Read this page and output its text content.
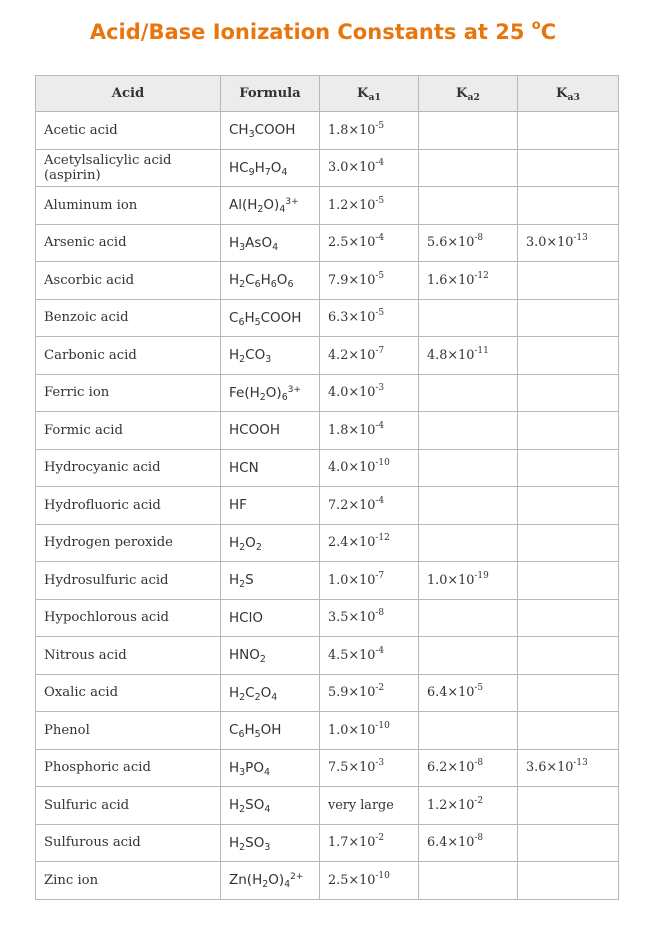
Acid/Base Ionization Constants at 25 $^o$C
Acid	Formula	$K_{a1}$	$K_{a2}$	$K_{a3}$
Acetic acid	$CH_3COOH$	$1.8\times 10^{-5}$		
Acetylsalicylic acid (aspirin)	$HC_9H_7O_4$	$3.0\times 10^{-4}$		
Aluminum ion	$Al(H_2O)_43+$	$1.2\times 10^{-5}$		
Arsenic acid	$H_3AsO_4$	$2.5\times 10^{-4}$	$5.6\times 10^{-8}$	$3.0\times 10^{-13}$
Ascorbic acid	$H_2C_6H_6O_6$	$7.9\times 10^{-5}$	$1.6\times 10^{-12}$	
Benzoic acid	$C_6H_5COOH$	$6.3\times 10^{-5}$		
Carbonic acid	$H_2CO_3$	$4.2\times 10^{-7}$	$4.8\times 10^{-11}$	
Ferric ion	$Fe(H_2O)_63+$	$4.0\times 10^{-3}$		
Formic acid	HCOOH	$1.8\times 10^{-4}$		
Hydrocyanic acid	HCN	$4.0\times 10^{-10}$		
Hydrofluoric acid	HF	$7.2\times 10^{-4}$		
Hydrogen peroxide	$H_2O_2$	$2.4\times 10^{-12}$		
Hydrosulfuric acid	$H_2S$	$1.0\times 10^{-7}$	$1.0\times 10^{-19}$	
Hypochlorous acid	HClO	$3.5\times 10^{-8}$		
Nitrous acid	$HNO_2$	$4.5\times 10^{-4}$		
Oxalic acid	$H_2C_2O_4$	$5.9\times 10^{-2}$	$6.4\times 10^{-5}$	
Phenol	$C_6H_5OH$	$1.0\times 10^{-10}$		
Phosphoric acid	$H_3PO_4$	$7.5\times 10^{-3}$	$6.2\times 10^{-8}$	$3.6\times 10^{-13}$
Sulfuric acid	$H_2SO_4$	very large	$1.2\times 10^{-2}$	
Sulfurous acid	$H_2SO_3$	$1.7\times 10^{-2}$	$6.4\times 10^{-8}$	
Zinc ion	$Zn(H_2O)_42+$	$2.5\times 10^{-10}$		
